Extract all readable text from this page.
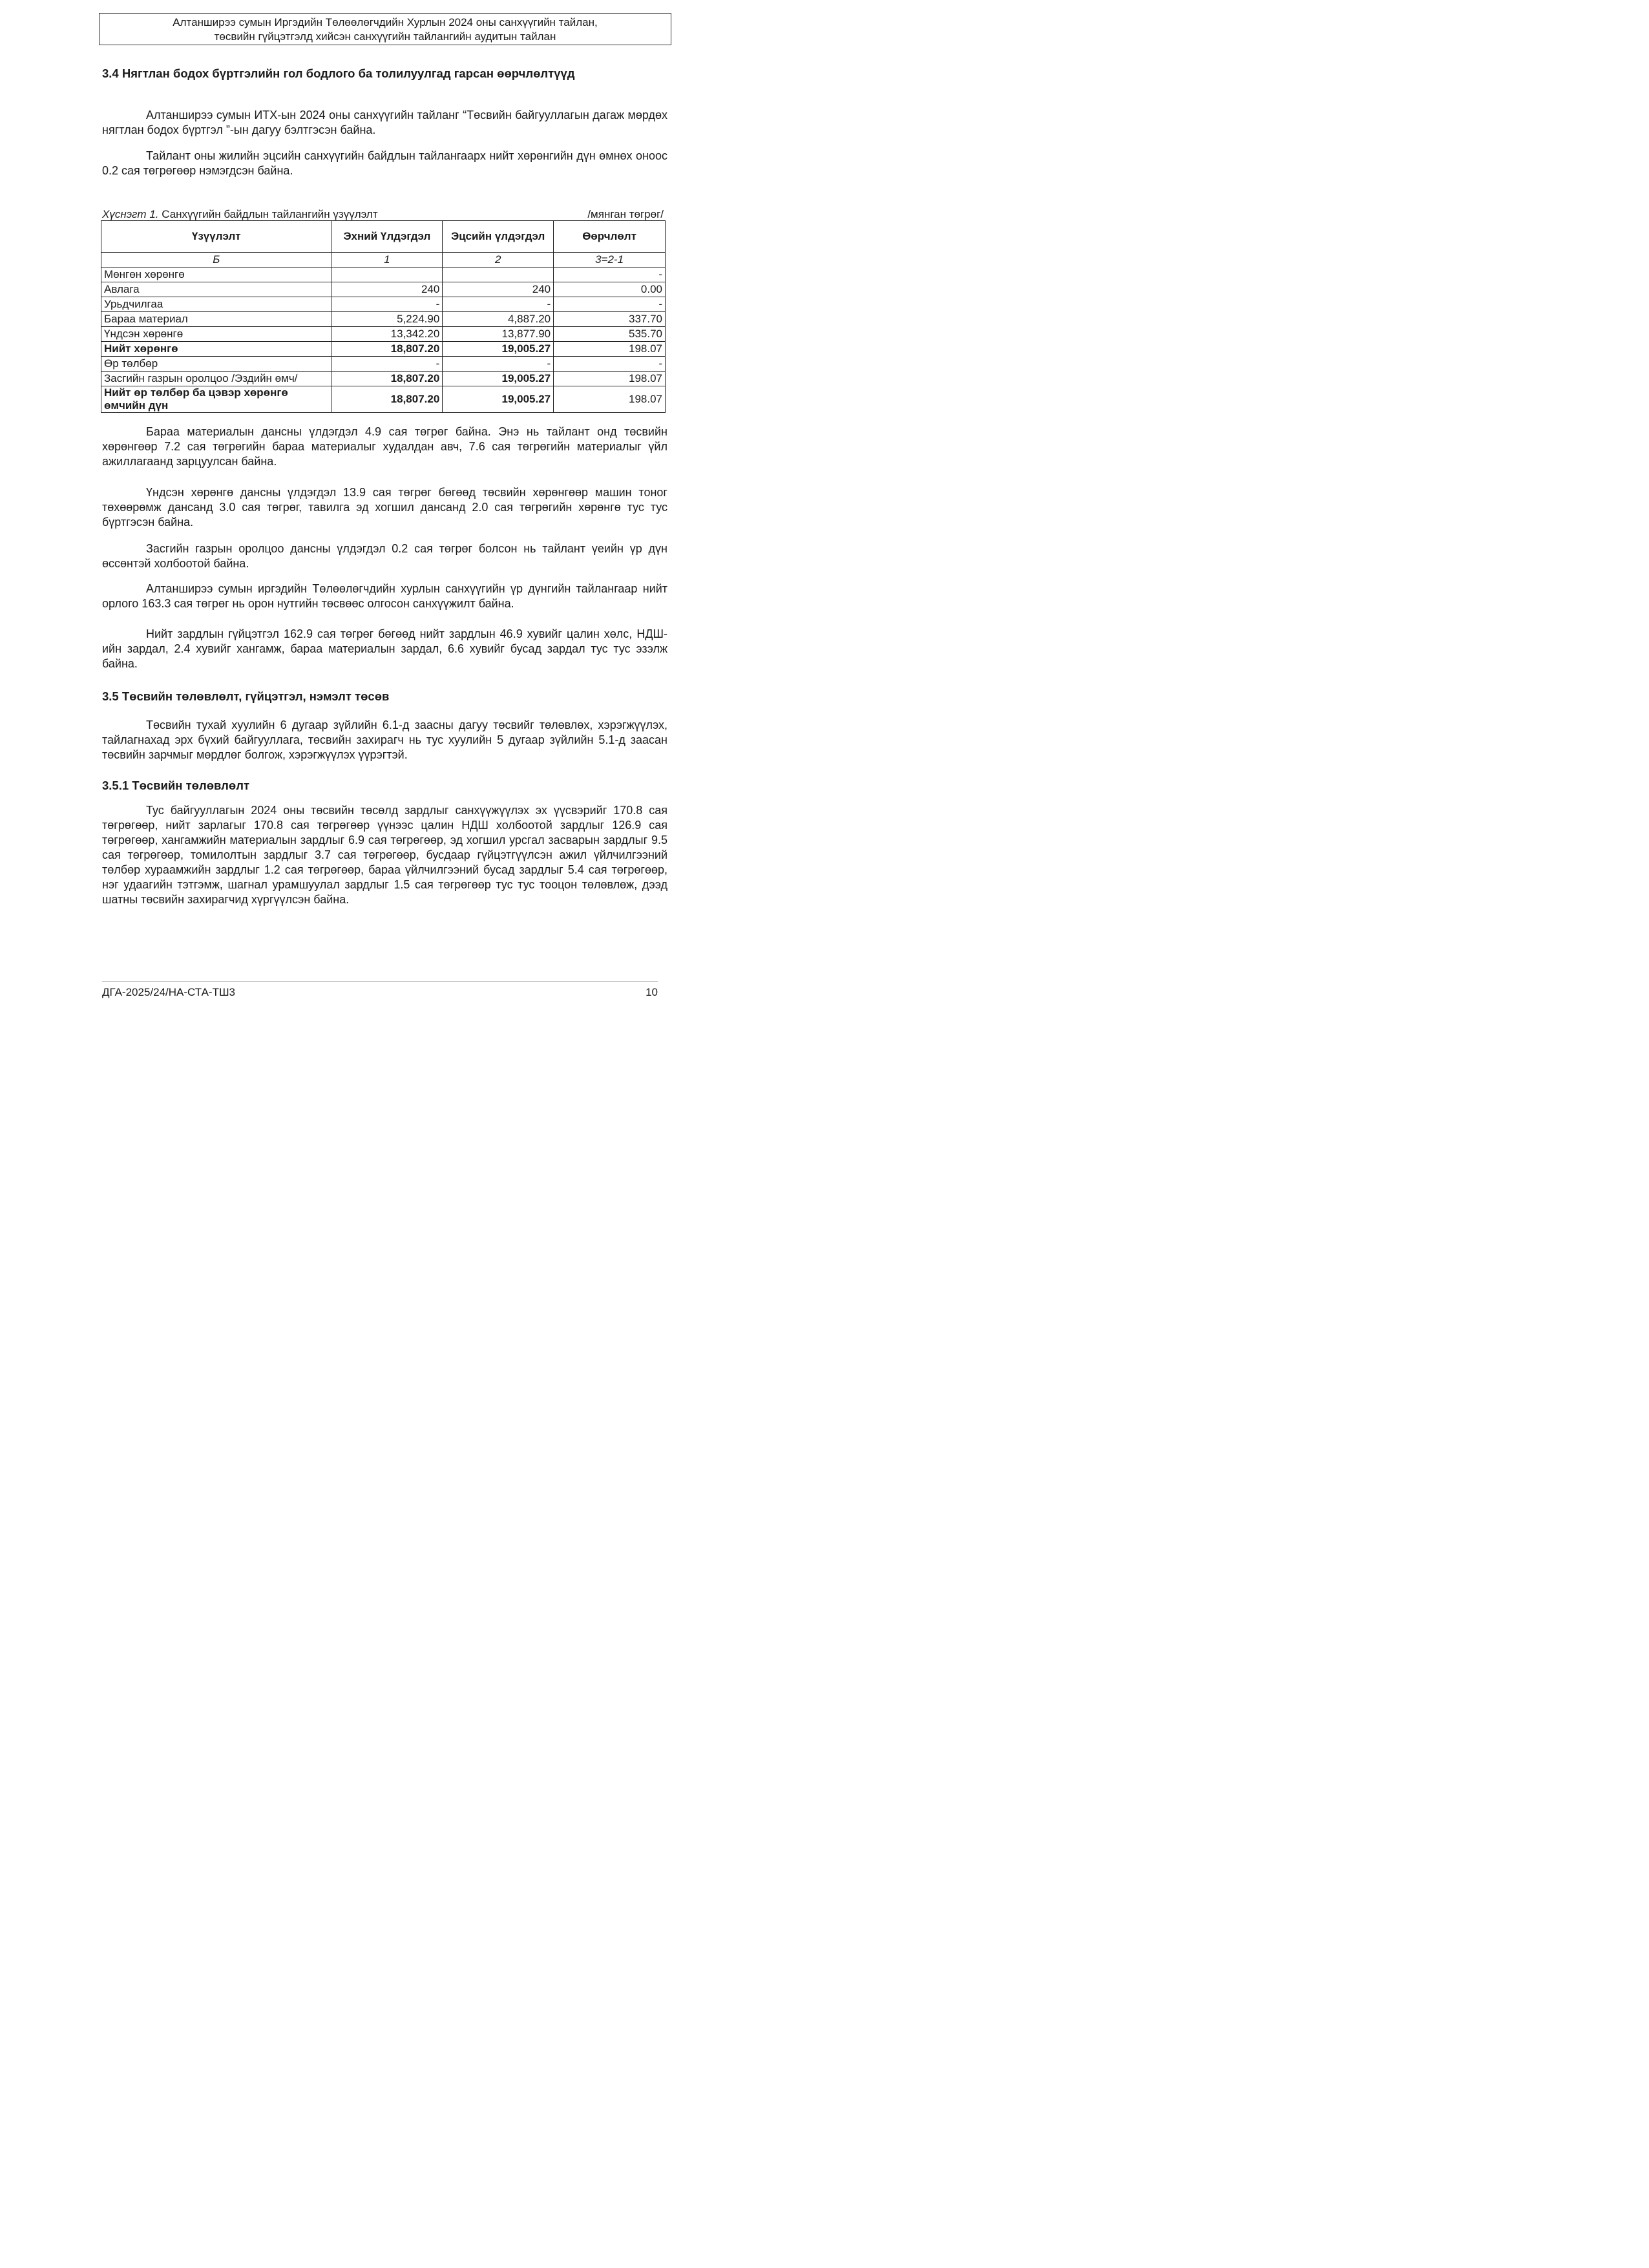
Алтанширээ сумын Иргэдийн Төлөөлөгчдийн Хурлын 2024 оны санхүүгийн тайлан,
төсвийн гүйцэтгэлд хийсэн санхүүгийн тайлангийн аудитын тайлан
3.4 Нягтлан бодох бүртгэлийн гол бодлого ба толилуулгад гарсан өөрчлөлтүүд

Алтанширээ сумын ИТХ-ын 2024 оны санхүүгийн тайланг “Төсвийн байгууллагын дагаж мөрдөх нягтлан бодох бүртгэл ”-ын дагуу бэлтгэсэн байна.

Тайлант оны жилийн эцсийн санхүүгийн байдлын тайлангаарх нийт хөрөнгийн дүн өмнөх оноос 0.2 сая төгрөгөөр нэмэгдсэн байна.

Хүснэгт 1. Санхүүгийн байдлын тайлангийн үзүүлэлт	/мянган төгрөг/
Үзүүлэлт	Эхний Үлдэгдэл	Эцсийн үлдэгдэл	Өөрчлөлт
Б	1	2	3=2-1
Мөнгөн хөрөнгө			-
Авлага	240	240	0.00
Урьдчилгаа	-	-	-
Бараа материал	5,224.90	4,887.20	337.70
Үндсэн хөрөнгө	13,342.20	13,877.90	535.70
Нийт хөрөнгө	18,807.20	19,005.27	198.07
Өр төлбөр	-	-	-
Засгийн газрын оролцоо /Эздийн өмч/	18,807.20	19,005.27	198.07
Нийт өр төлбөр ба цэвэр хөрөнгө өмчийн дүн	18,807.20	19,005.27	198.07

Бараа материалын дансны үлдэгдэл 4.9 сая төгрөг байна. Энэ нь тайлант онд төсвийн хөрөнгөөр 7.2 сая төгрөгийн бараа материалыг худалдан авч, 7.6 сая төгрөгийн материалыг үйл ажиллагаанд зарцуулсан байна.

Үндсэн хөрөнгө дансны үлдэгдэл 13.9 сая төгрөг бөгөөд төсвийн хөрөнгөөр машин тоног төхөөрөмж дансанд 3.0 сая төгрөг, тавилга эд хогшил дансанд 2.0 сая төгрөгийн хөрөнгө тус тус бүртгэсэн байна.

Засгийн газрын оролцоо дансны үлдэгдэл 0.2 сая төгрөг болсон нь тайлант үеийн үр дүн өссөнтэй холбоотой байна.

Алтанширээ сумын иргэдийн Төлөөлөгчдийн хурлын санхүүгийн үр дүнгийн тайлангаар нийт орлого 163.3 сая төгрөг нь орон нутгийн төсвөөс олгосон санхүүжилт байна.

Нийт зардлын гүйцэтгэл 162.9 сая төгрөг бөгөөд нийт зардлын 46.9 хувийг цалин хөлс, НДШ-ийн зардал, 2.4 хувийг хангамж, бараа материалын зардал, 6.6 хувийг бусад зардал тус тус эзэлж байна.

3.5 Төсвийн төлөвлөлт, гүйцэтгэл, нэмэлт төсөв

Төсвийн тухай хуулийн 6 дугаар зүйлийн 6.1-д заасны дагуу төсвийг төлөвлөх, хэрэгжүүлэх, тайлагнахад эрх бүхий байгууллага, төсвийн захирагч нь тус хуулийн 5 дугаар зүйлийн 5.1-д заасан төсвийн зарчмыг мөрдлөг болгож, хэрэгжүүлэх үүрэгтэй.

3.5.1 Төсвийн төлөвлөлт

Тус байгууллагын 2024 оны төсвийн төсөлд зардлыг санхүүжүүлэх эх үүсвэрийг 170.8 сая төгрөгөөр, нийт зарлагыг 170.8 сая төгрөгөөр үүнээс цалин НДШ холбоотой зардлыг 126.9 сая төгрөгөөр, хангамжийн материалын зардлыг 6.9 сая төгрөгөөр, эд хогшил урсгал засварын зардлыг 9.5 сая төгрөгөөр, томилолтын зардлыг 3.7 сая төгрөгөөр, бусдаар гүйцэтгүүлсэн ажил үйлчилгээний төлбөр хураамжийн зардлыг 1.2 сая төгрөгөөр, бараа үйлчилгээний бусад зардлыг 5.4 сая төгрөгөөр, нэг удаагийн тэтгэмж, шагнал урамшуулал зардлыг 1.5 сая төгрөгөөр тус тус тооцон төлөвлөж, дээд шатны төсвийн захирагчид хүргүүлсэн байна.

ДГА-2025/24/НА-СТА-ТШ3	10
